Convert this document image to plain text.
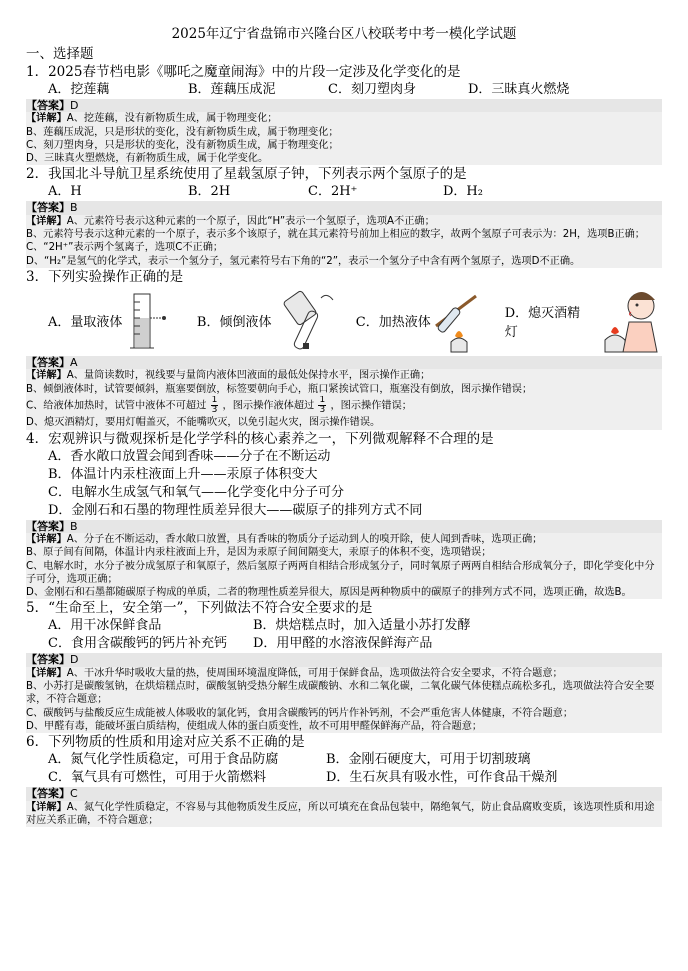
2025年辽宁省盘锦市兴隆台区八校联考中考一模化学试题
一、选择题
1．2025春节档电影《哪吒之魔童闹海》中的片段一定涉及化学变化的是
A．挖莲藕	B．莲藕压成泥	C．刻刀塑肉身	D．三昧真火燃烧
【答案】D
【详解】A、挖莲藕，没有新物质生成，属于物理变化；
B、莲藕压成泥，只是形状的变化，没有新物质生成，属于物理变化；
C、刻刀塑肉身，只是形状的变化，没有新物质生成，属于物理变化；
D、三昧真火塑燃烧，有新物质生成，属于化学变化。
2．我国北斗导航卫星系统使用了星载氢原子钟，下列表示两个氢原子的是
A．H	B．2H	C．2H⁺	D．H₂
【答案】B
【详解】A、元素符号表示这种元素的一个原子，因此“H”表示一个氢原子，选项A不正确；
B、元素符号表示这种元素的一个原子，表示多个该原子，就在其元素符号前加上相应的数字，故两个氢原子可表示为：2H，选项B正确；
C、“2H⁺”表示两个氢离子，选项C不正确；
D、“H₂”是氢气的化学式，表示一个氢分子，氢元素符号右下角的“2”，表示一个氢分子中含有两个氢原子，选项D不正确。
3．下列实验操作正确的是
A．量取液体	B．倾倒液体	C．加热液体
D．熄灭酒精灯
【答案】A
【详解】A、量筒读数时，视线要与量筒内液体凹液面的最低处保持水平，图示操作正确；
B、倾倒液体时，试管要倾斜，瓶塞要倒放，标签要朝向手心，瓶口紧挨试管口，瓶塞没有倒放，图示操作错误；
C、给液体加热时，试管中液体不可超过 $\frac{1}{3}$ ，图示操作液体超过 $\frac{1}{3}$ ，图示操作错误；
D、熄灭酒精灯，要用灯帽盖灭，不能嘴吹灭，以免引起火灾，图示操作错误。
4．宏观辨识与微观探析是化学学科的核心素养之一，下列微观解释不合理的是
A．香水敞口放置会闻到香味——分子在不断运动
B．体温计内汞柱液面上升——汞原子体积变大
C．电解水生成氢气和氧气——化学变化中分子可分
D．金刚石和石墨的物理性质差异很大——碳原子的排列方式不同
【答案】B
【详解】A、分子在不断运动，香水敞口放置，具有香味的物质分子运动到人的嗅开除，使人闻到香味，选项正确；
B、原子间有间隔，体温计内汞柱液面上升，是因为汞原子间间隔变大，汞原子的体积不变，选项错误；
C、电解水时，水分子被分成氢原子和氧原子，然后氢原子两两自相结合形成氢分子，同时氧原子两两自相结合形成氧分子，即化学变化中分子可分，选项正确；
D、金刚石和石墨都随碳原子构成的单质，二者的物理性质差异很大，原因是两种物质中的碳原子的排列方式不同，选项正确，故选B。
5．“生命至上，安全第一”，下列做法不符合安全要求的是
A．用干冰保鲜食品	B．烘焙糕点时，加入适量小苏打发酵
C．食用含碳酸钙的钙片补充钙	D．用甲醛的水溶液保鲜海产品
【答案】D
【详解】A、干冰升华时吸收大量的热，使周围环境温度降低，可用于保鲜食品，选项做法符合安全要求，不符合题意；
B、小苏打是碳酸氢钠，在烘焙糕点时，碳酸氢钠受热分解生成碳酸钠、水和二氧化碳，二氧化碳气体使糕点疏松多孔，选项做法符合安全要求，不符合题意；
C、碳酸钙与盐酸反应生成能被人体吸收的氯化钙，食用含碳酸钙的钙片作补钙剂，不会严重危害人体健康，不符合题意；
D、甲醛有毒，能破坏蛋白质结构，使组成人体的蛋白质变性，故不可用甲醛保鲜海产品，符合题意；
6．下列物质的性质和用途对应关系不正确的是
A．氮气化学性质稳定，可用于食品防腐	B．金刚石硬度大，可用于切割玻璃
C．氧气具有可燃性，可用于火箭燃料	D．生石灰具有吸水性，可作食品干燥剂
【答案】C
【详解】A、氮气化学性质稳定，不容易与其他物质发生反应，所以可填充在食品包装中，隔绝氧气，防止食品腐败变质，该选项性质和用途对应关系正确，不符合题意；
